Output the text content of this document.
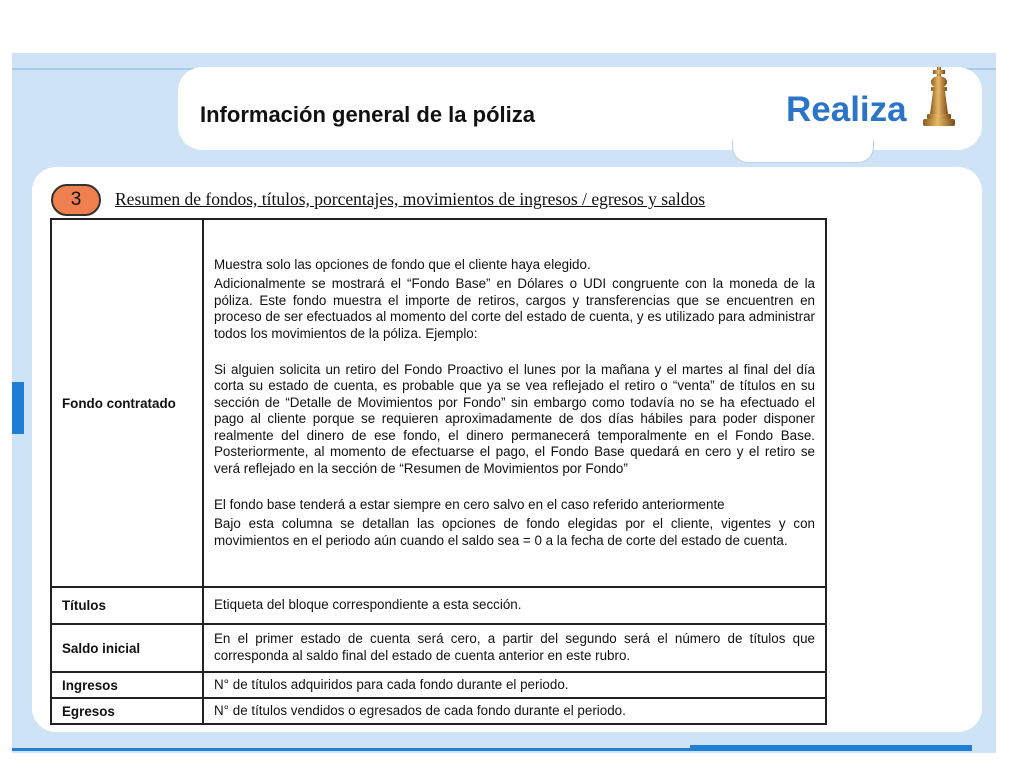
Información general de la póliza	Realiza
3	Resumen de fondos, títulos, porcentajes, movimientos de ingresos / egresos y saldos
Fondo contratado	Muestra solo las opciones de fondo que el cliente haya elegido.

Adicionalmente se mostrará el “Fondo Base” en Dólares o UDI congruente con la moneda de la póliza. Este fondo muestra el importe de retiros, cargos y transferencias que se encuentren en proceso de ser efectuados al momento del corte del estado de cuenta, y es utilizado para administrar todos los movimientos de la póliza. Ejemplo:

Si alguien solicita un retiro del Fondo Proactivo el lunes por la mañana y el martes al final del día corta su estado de cuenta, es probable que ya se vea reflejado el retiro o “venta” de títulos en su sección de “Detalle de Movimientos por Fondo” sin embargo como todavía no se ha efectuado el pago al cliente porque se requieren aproximadamente de dos días hábiles para poder disponer realmente del dinero de ese fondo, el dinero permanecerá temporalmente en el Fondo Base. Posteriormente, al momento de efectuarse el pago, el Fondo Base quedará en cero y el retiro se verá reflejado en la sección de “Resumen de Movimientos por Fondo”

El fondo base tenderá a estar siempre en cero salvo en el caso referido anteriormente

Bajo esta columna se detallan las opciones de fondo elegidas por el cliente, vigentes y con movimientos en el periodo aún cuando el saldo sea = 0 a la fecha de corte del estado de cuenta.

Títulos	Etiqueta del bloque correspondiente a esta sección.

Saldo inicial	En el primer estado de cuenta será cero, a partir del segundo será el número de títulos que corresponda al saldo final del estado de cuenta anterior en este rubro.

Ingresos	N° de títulos adquiridos para cada fondo durante el periodo.

Egresos	N° de títulos vendidos o egresados de cada fondo durante el periodo.
